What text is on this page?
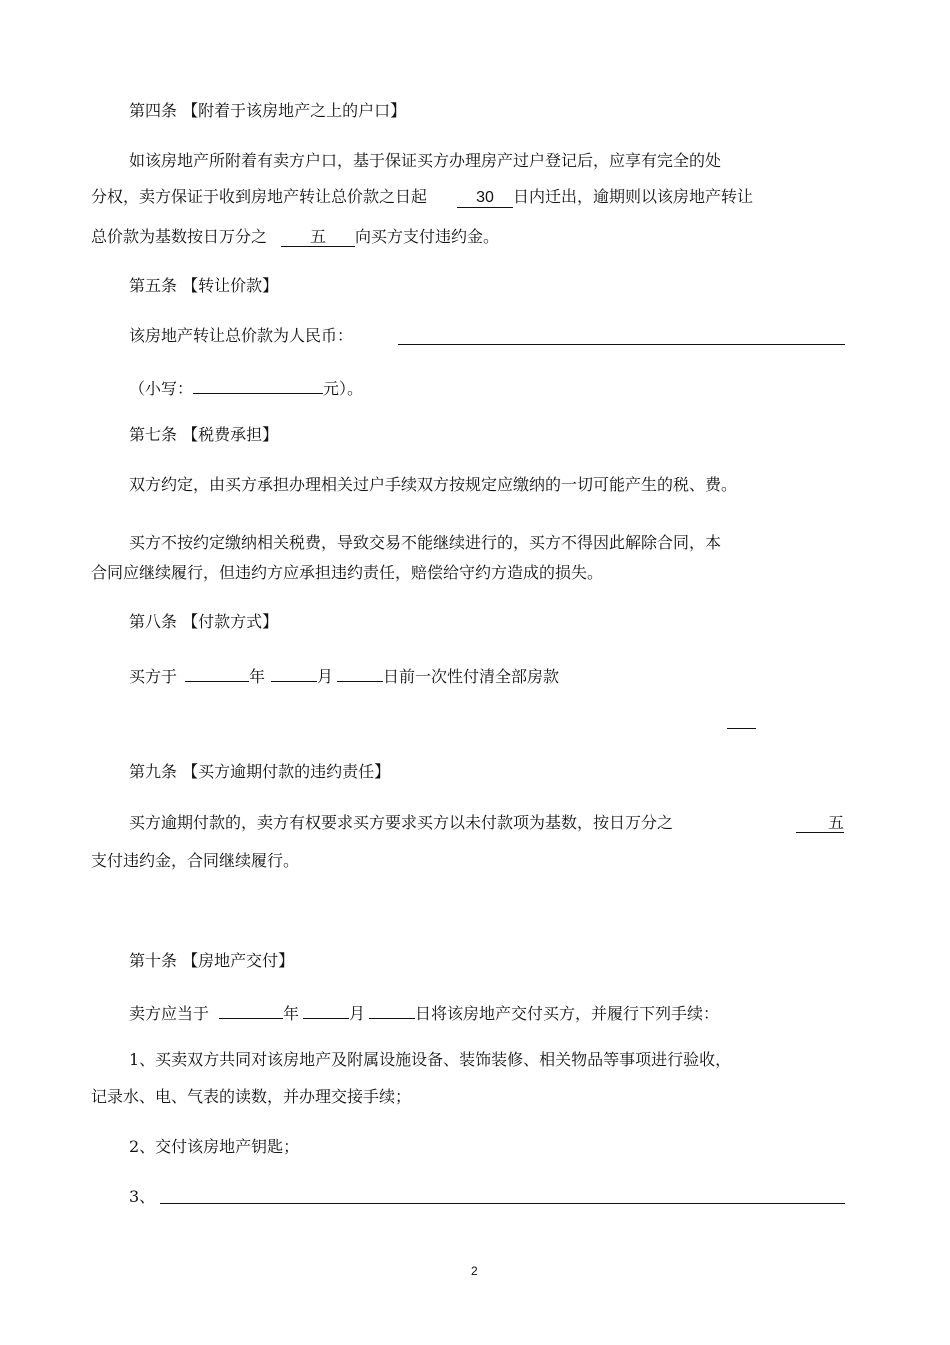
第四条 【附着于该房地产之上的户口】
如该房地产所附着有卖方户口，基于保证买方办理房产过户登记后，应享有完全的处
分权，卖方保证于收到房地产转让总价款之日起	30 日内迁出，逾期则以该房地产转让
总价款为基数按日万分之	五 向买方支付违约金。
第五条 【转让价款】
该房地产转让总价款为人民币：
（小写：	元）。
第七条 【税费承担】
双方约定，由买方承担办理相关过户手续双方按规定应缴纳的一切可能产生的税、费。
买方不按约定缴纳相关税费，导致交易不能继续进行的，买方不得因此解除合同，本
合同应继续履行，但违约方应承担违约责任，赔偿给守约方造成的损失。
第八条 【付款方式】
买方于	年	月	日前一次性付清全部房款
第九条 【买方逾期付款的违约责任】
买方逾期付款的，卖方有权要求买方要求买方以未付款项为基数，按日万分之	五
支付违约金，合同继续履行。
第十条 【房地产交付】
卖方应当于	年	月	日将该房地产交付买方，并履行下列手续：
1、买卖双方共同对该房地产及附属设施设备、装饰装修、相关物品等事项进行验收，
记录水、电、气表的读数，并办理交接手续；
2、交付该房地产钥匙；
3、
2
